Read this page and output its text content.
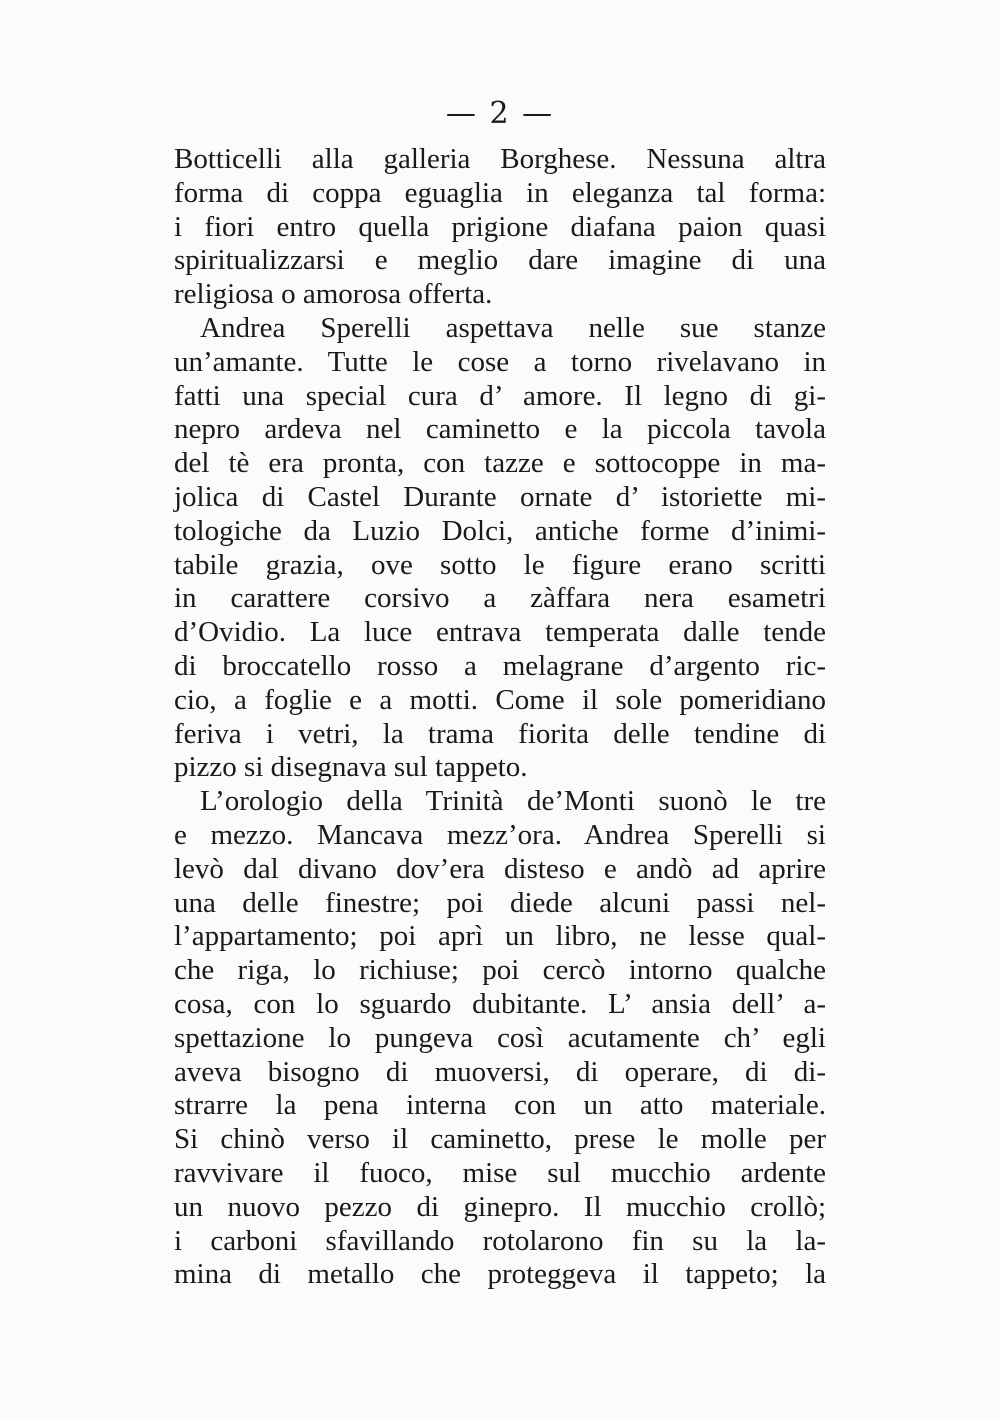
— 2 —
Botticelli alla galleria Borghese. Nessuna altra
forma di coppa eguaglia in eleganza tal forma:
i fiori entro quella prigione diafana paion quasi
spiritualizzarsi e meglio dare imagine di una
religiosa o amorosa offerta.
Andrea Sperelli aspettava nelle sue stanze
un’amante. Tutte le cose a torno rivelavano in
fatti una special cura d’ amore. Il legno di gi-
nepro ardeva nel caminetto e la piccola tavola
del tè era pronta, con tazze e sottocoppe in ma-
jolica di Castel Durante ornate d’ istoriette mi-
tologiche da Luzio Dolci, antiche forme d’inimi-
tabile grazia, ove sotto le figure erano scritti
in carattere corsivo a zàffara nera esametri
d’Ovidio. La luce entrava temperata dalle tende
di broccatello rosso a melagrane d’argento ric-
cio, a foglie e a motti. Come il sole pomeridiano
feriva i vetri, la trama fiorita delle tendine di
pizzo si disegnava sul tappeto.
L’orologio della Trinità de’Monti suonò le tre
e mezzo. Mancava mezz’ora. Andrea Sperelli si
levò dal divano dov’era disteso e andò ad aprire
una delle finestre; poi diede alcuni passi nel-
l’appartamento; poi aprì un libro, ne lesse qual-
che riga, lo richiuse; poi cercò intorno qualche
cosa, con lo sguardo dubitante. L’ ansia dell’ a-
spettazione lo pungeva così acutamente ch’ egli
aveva bisogno di muoversi, di operare, di di-
strarre la pena interna con un atto materiale.
Si chinò verso il caminetto, prese le molle per
ravvivare il fuoco, mise sul mucchio ardente
un nuovo pezzo di ginepro. Il mucchio crollò;
i carboni sfavillando rotolarono fin su la la-
mina di metallo che proteggeva il tappeto; la
